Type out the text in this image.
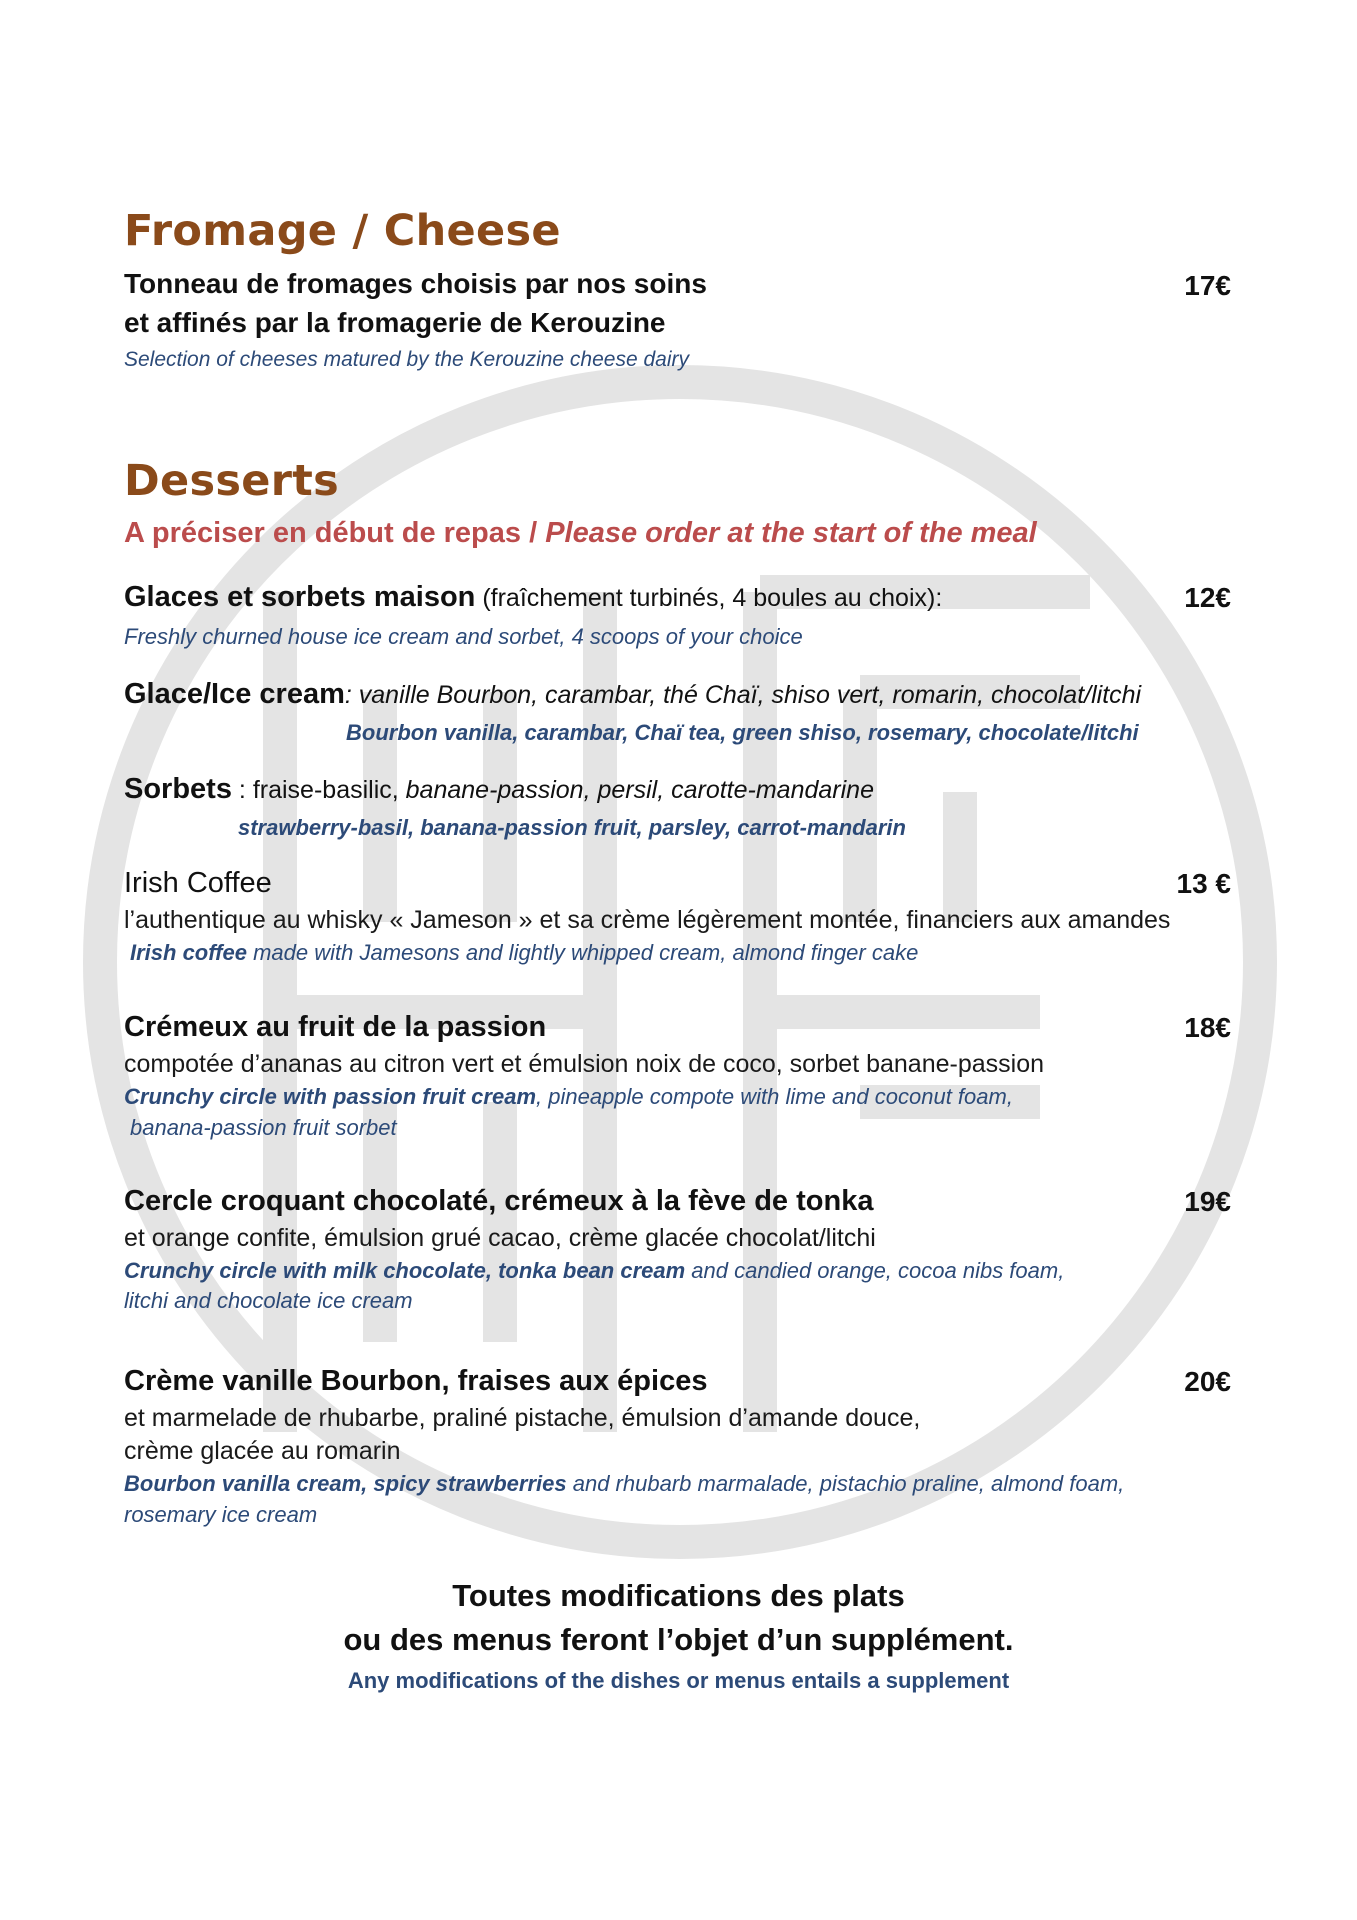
Fromage / Cheese
Tonneau de fromages choisis par nos soins
et affinés par la fromagerie de Kerouzine
Selection of cheeses matured by the Kerouzine cheese dairy
17€
Desserts
A préciser en début de repas / Please order at the start of the meal
Glaces et sorbets maison (fraîchement turbinés, 4 boules au choix):	12€
Freshly churned house ice cream and sorbet, 4 scoops of your choice
Glace/Ice cream: vanille Bourbon, carambar, thé Chaï, shiso vert, romarin, chocolat/litchi
Bourbon vanilla, carambar, Chaï tea, green shiso, rosemary, chocolate/litchi
Sorbets : fraise-basilic, banane-passion, persil, carotte-mandarine
strawberry-basil, banana-passion fruit, parsley, carrot-mandarin
Irish Coffee	13 €
l’authentique au whisky « Jameson » et sa crème légèrement montée, financiers aux amandes
Irish coffee made with Jamesons and lightly whipped cream, almond finger cake
Crémeux au fruit de la passion	18€
compotée d’ananas au citron vert et émulsion noix de coco, sorbet banane-passion
Crunchy circle with passion fruit cream, pineapple compote with lime and coconut foam,
banana-passion fruit sorbet
Cercle croquant chocolaté, crémeux à la fève de tonka	19€
et orange confite, émulsion grué cacao, crème glacée chocolat/litchi
Crunchy circle with milk chocolate, tonka bean cream and candied orange, cocoa nibs foam,
litchi and chocolate ice cream
Crème vanille Bourbon, fraises aux épices	20€
et marmelade de rhubarbe, praliné pistache, émulsion d’amande douce,
crème glacée au romarin
Bourbon vanilla cream, spicy strawberries and rhubarb marmalade, pistachio praline, almond foam,
rosemary ice cream
Toutes modifications des plats
ou des menus feront l’objet d’un supplément.
Any modifications of the dishes or menus entails a supplement
